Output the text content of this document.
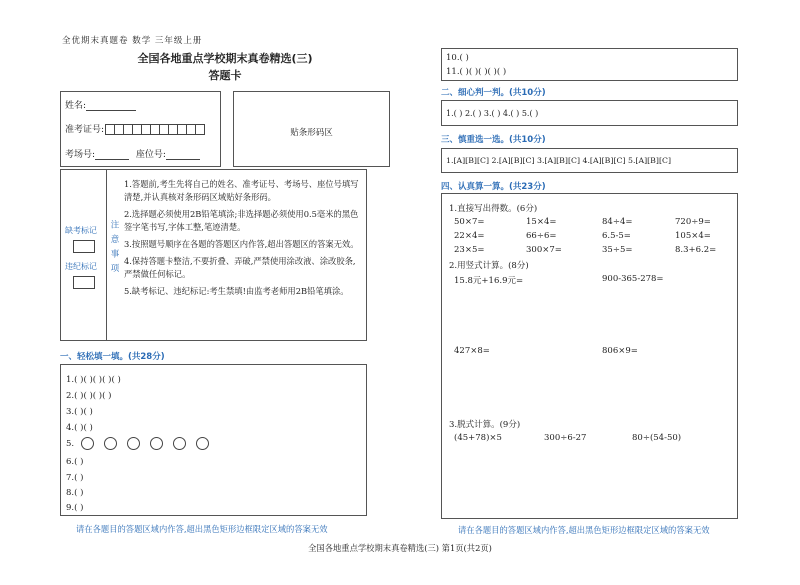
全优期末真题卷 数学 三年级上册
全国各地重点学校期末真卷精选(三)
答题卡
姓名:
准考证号:
考场号:	座位号:
贴条形码区
缺考标记
违纪标记 注意事项

1.答题前,考生先将自己的姓名、准考证号、考场号、座位号填写清楚,并认真核对条形码区域贴好条形码。

2.选择题必须使用2B铅笔填涂;非选择题必须使用0.5毫米的黑色签字笔书写,字体工整,笔迹清楚。

3.按照题号顺序在各题的答题区内作答,超出答题区的答案无效。

4.保持答题卡整洁,不要折叠、弄破,严禁使用涂改液、涂改胶条,严禁做任何标记。

5.缺考标记、违纪标记:考生禁填!由监考老师用2B铅笔填涂。

一、轻松填一填。(共28分)
1.( )( )( )( )( )
2.( )( )( )( )
3.( )( )
4.( )( )
5.
6.( )
7.( )
8.( )
9.( )
请在各题目的答题区域内作答,超出黑色矩形边框限定区域的答案无效
10.( )
11.( )( )( )( )( )
二、细心判一判。(共10分)
1.( ) 2.( ) 3.( ) 4.( ) 5.( )
三、慎重选一选。(共10分)
1.[A][B][C] 2.[A][B][C] 3.[A][B][C] 4.[A][B][C] 5.[A][B][C]
四、认真算一算。(共23分)
1.直接写出得数。(6分)
50×7=	15×4=	84÷4=	720÷9=
22×4=	66÷6=	6.5-5=	105×4=
23×5=	300×7=	35÷5=	8.3+6.2=
2.用竖式计算。(8分)
15.8元+16.9元=	900-365-278=
427×8=	806×9=
3.脱式计算。(9分)
(45+78)×5	300÷6-27	80÷(54-50)
请在各题目的答题区域内作答,超出黑色矩形边框限定区域的答案无效
全国各地重点学校期末真卷精选(三) 第1页(共2页)
